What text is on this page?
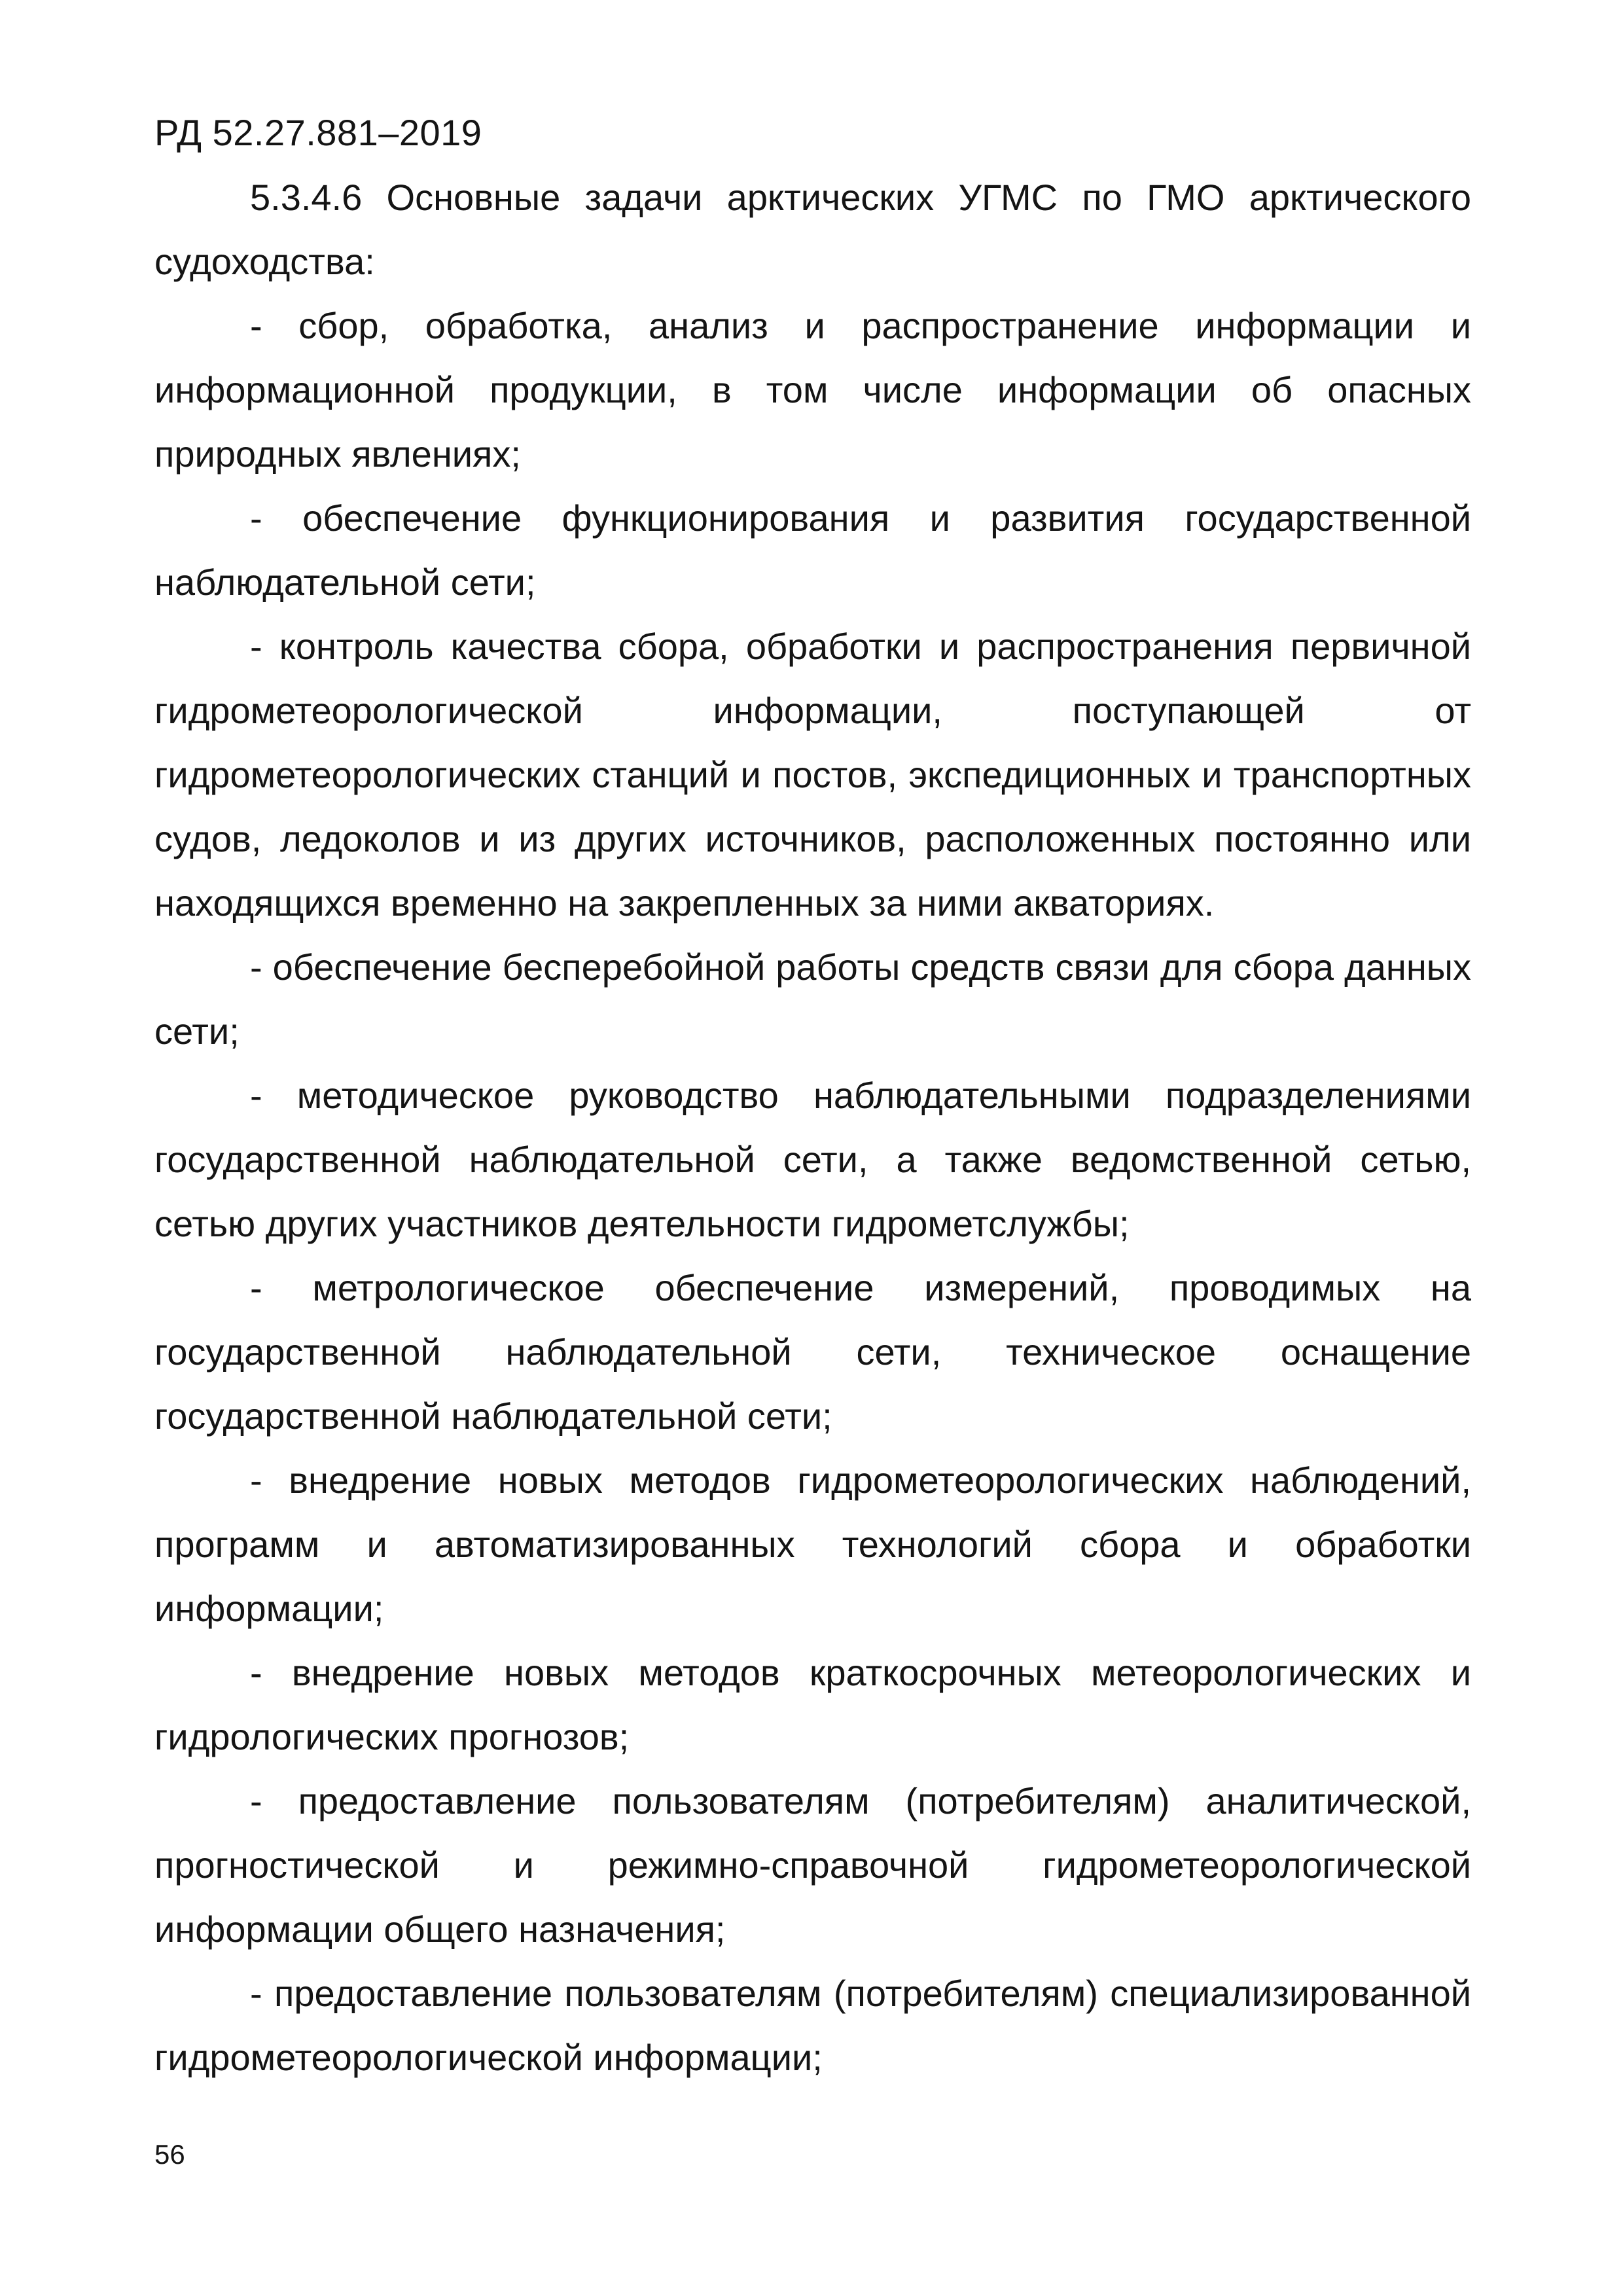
РД 52.27.881–2019

5.3.4.6 Основные задачи арктических УГМС по ГМО арктического судоходства:

- сбор, обработка, анализ и распространение информации и информационной продукции, в том числе информации об опасных природных явлениях;

- обеспечение функционирования и развития государственной наблюдательной сети;

- контроль качества сбора, обработки и распространения первичной гидрометеорологической информации, поступающей от гидрометеорологических станций и постов, экспедиционных и транспортных судов, ледоколов и из других источников, расположенных постоянно или находящихся временно на закрепленных за ними акваториях.

- обеспечение бесперебойной работы средств связи для сбора данных сети;

- методическое руководство наблюдательными подразделениями государственной наблюдательной сети, а также ведомственной сетью, сетью других участников деятельности гидрометслужбы;

- метрологическое обеспечение измерений, проводимых на государственной наблюдательной сети, техническое оснащение государственной наблюдательной сети;

- внедрение новых методов гидрометеорологических наблюдений, программ и автоматизированных технологий сбора и обработки информации;

- внедрение новых методов краткосрочных метеорологических и гидрологических прогнозов;

- предоставление пользователям (потребителям) аналитической, прогностической и режимно-справочной гидрометеорологической информации общего назначения;

- предоставление пользователям (потребителям) специализированной гидрометеорологической информации;

56
